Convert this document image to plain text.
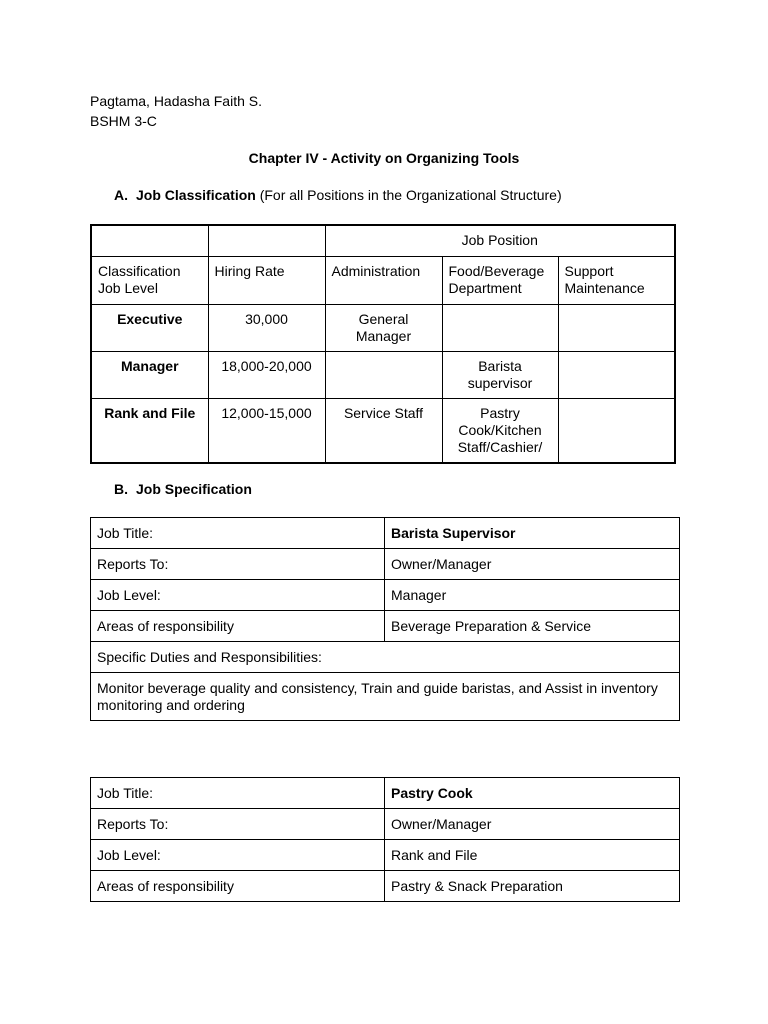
Pagtama, Hadasha Faith S.
BSHM 3-C
Chapter IV - Activity on Organizing Tools
A. Job Classification (For all Positions in the Organizational Structure)
		Job Position		
Classification Job Level	Hiring Rate	Administration	Food/Beverage Department	Support Maintenance
Executive	30,000	General Manager		
Manager	18,000-20,000		Barista supervisor	
Rank and File	12,000-15,000	Service Staff	Pastry Cook/Kitchen Staff/Cashier/	
B. Job Specification
Job Title:	Barista Supervisor
Reports To:	Owner/Manager
Job Level:	Manager
Areas of responsibility	Beverage Preparation & Service
Specific Duties and Responsibilities:	
Monitor beverage quality and consistency, Train and guide baristas, and Assist in inventory monitoring and ordering	
Job Title:	Pastry Cook
Reports To:	Owner/Manager
Job Level:	Rank and File
Areas of responsibility	Pastry & Snack Preparation
